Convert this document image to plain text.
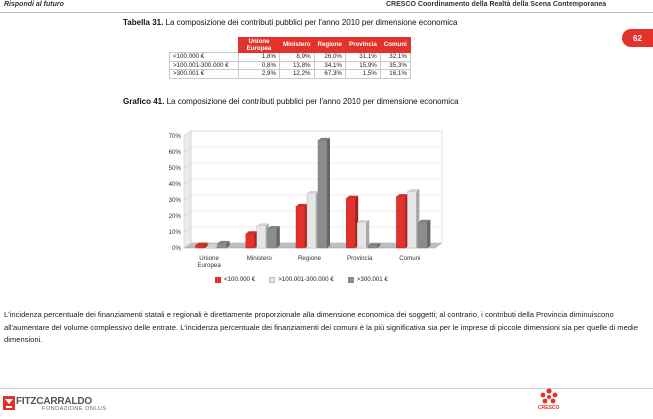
Rispondi al futuro	CRESCO Coordinamento della Realtà della Scena Contemporanea
62
Tabella 31. La composizione dei contributi pubblici per l'anno 2010 per dimensione economica
	Unione Europea	Ministero	Regione	Provincia	Comuni
<100.000 €	1,8%	8,9%	26,0%	31,1%	32,1%
>100.001-300.000 €	0,8%	13,8%	34,1%	15,9%	35,3%
>300.001 €	2,9%	12,2%	67,3%	1,5%	16,1%
Grafico 41. La composizione dei contributi pubblici per l'anno 2010 per dimensione economica
0%
10%
20%
30%
40%
50%
60%
70%
Unione
Europea
Ministero	Regione	Provincia	Comuni
<100.000 €	>100.001-300.000 €	>300.001 €
L'incidenza percentuale dei finanziamenti statali e regionali è direttamente proporzionale alla dimensione economica dei soggetti; al contrario, i contributi della Provincia diminuiscono all'aumentare del volume complessivo delle entrate. L'incidenza percentuale dei finanziamenti dei comuni è la più significativa sia per le imprese di piccole dimensioni sia per quelle di medie dimensioni.
FITZCARRALDO
FONDAZIONE ONLUS	CRESCO
